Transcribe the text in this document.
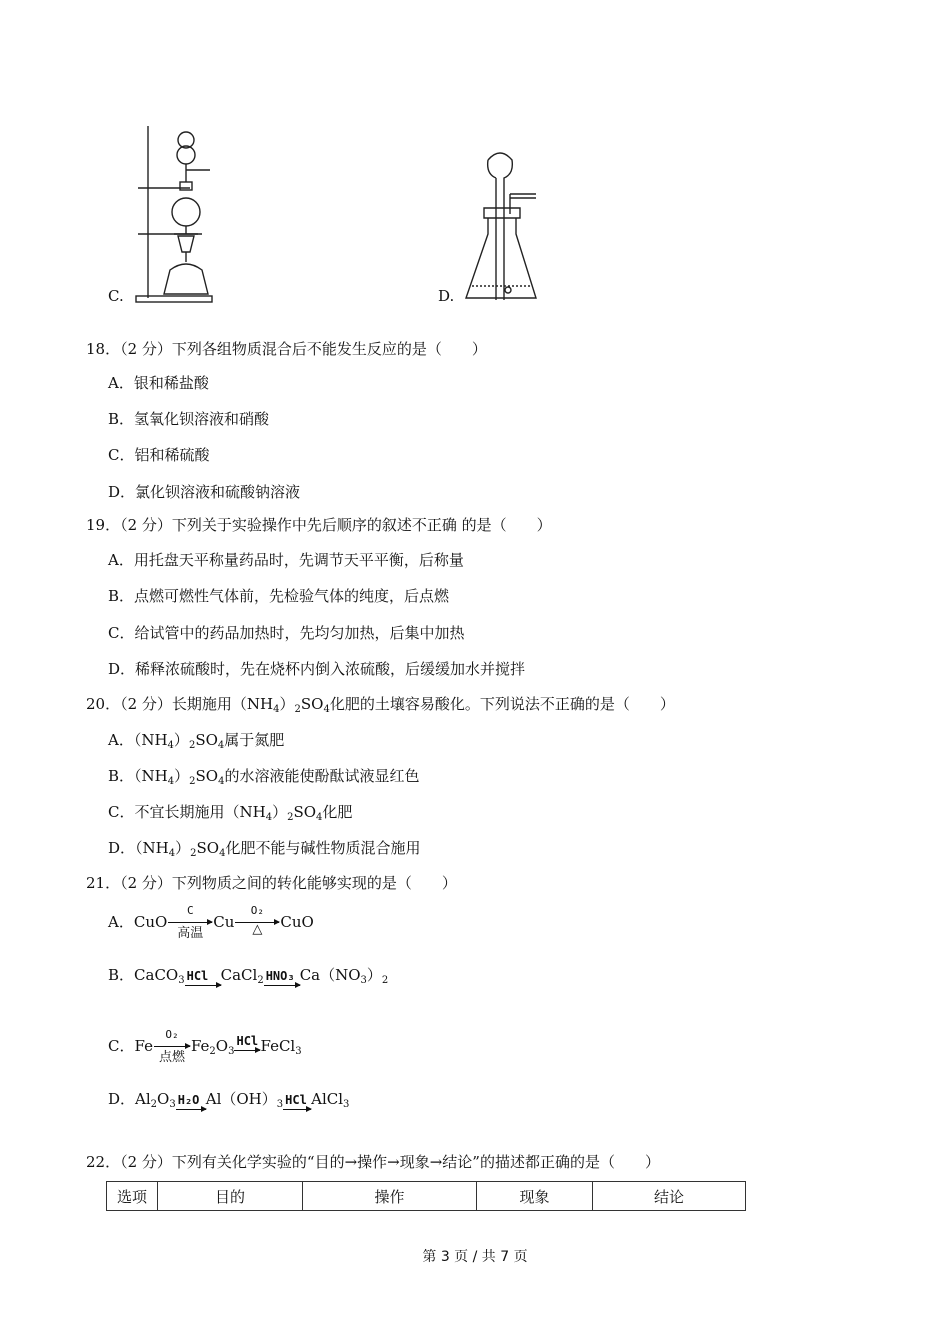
C.	D.
18．（2 分）下列各组物质混合后不能发生反应的是（　　）
A．银和稀盐酸
B．氢氧化钡溶液和硝酸
C．铝和稀硫酸
D．氯化钡溶液和硫酸钠溶液
19．（2 分）下列关于实验操作中先后顺序的叙述不正确 的是（　　）
A．用托盘天平称量药品时，先调节天平平衡，后称量
B．点燃可燃性气体前，先检验气体的纯度，后点燃
C．给试管中的药品加热时，先均匀加热，后集中加热
D．稀释浓硫酸时，先在烧杯内倒入浓硫酸，后缓缓加水并搅拌
20．（2 分）长期施用$(NH_4)_2SO_4$化肥的土壤容易酸化。下列说法不正确的是（　　）
A．$(NH_4)_2SO_4$属于氮肥
B．$(NH_4)_2SO_4$的水溶液能使酚酞试液显红色
C．不宜长期施用$(NH_4)_2SO_4$化肥
D．$(NH_4)_2SO_4$化肥不能与碱性物质混合施用
21．（2 分）下列物质之间的转化能够实现的是（　　）
A．CuO
C
高温
Cu
O₂
△	CuO
B．CaCO$_3$ HCl CaCl$_2$ HNO₃ $Ca(NO_3)_2$
C．Fe
O₂
点燃
$Fe_2O_3$
HCl FeCl$_3$
D．$Al_2O_3$ H₂O $Al(OH)_3$ HCl AlCl$_3$
22．（2 分）下列有关化学实验的“目的→操作→现象→结论”的描述都正确的是（　　）
选项	目的	操作	现象	结论
第 3 页 / 共 7 页
